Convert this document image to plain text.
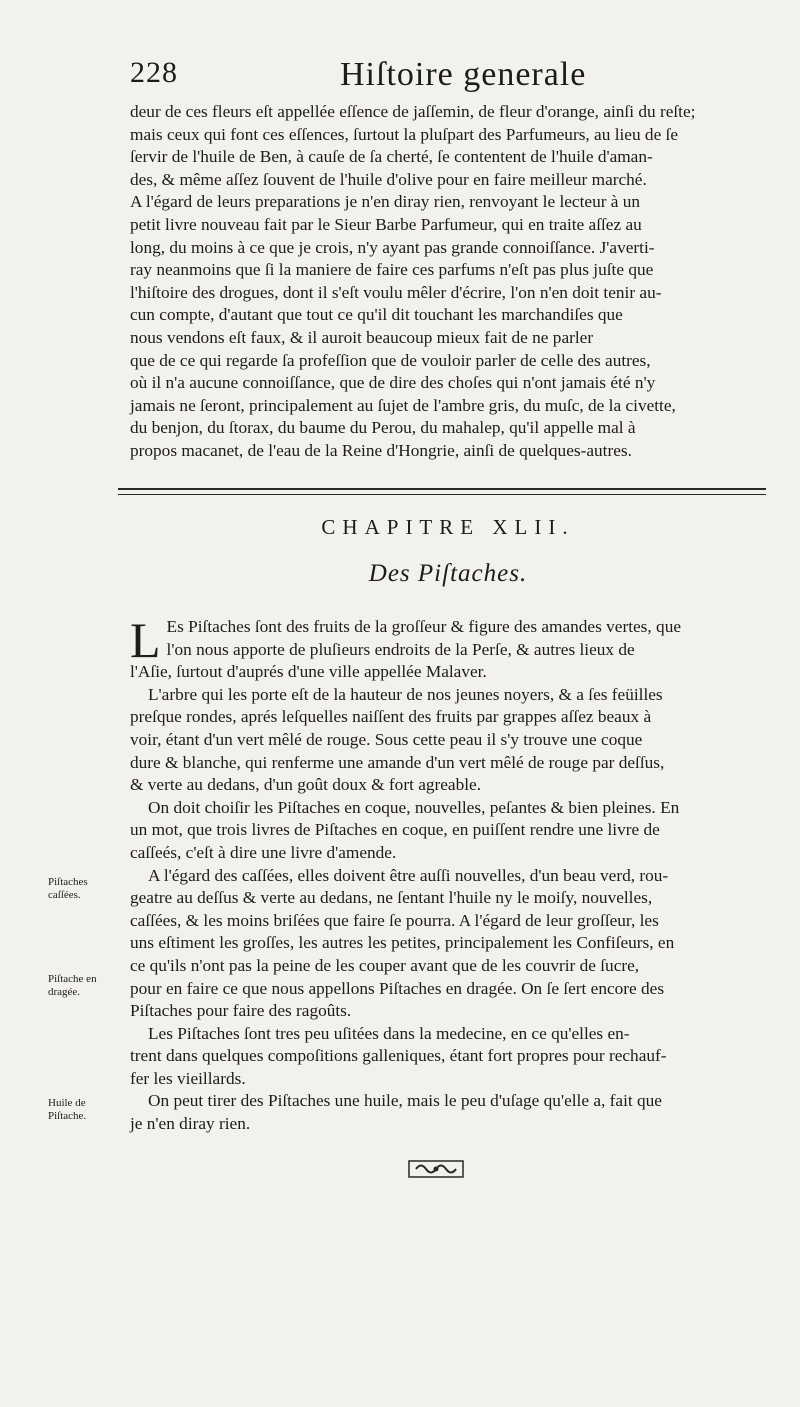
228	Hiſtoire generale
deur de ces fleurs eſt appellée eſſence de jaſſemin, de fleur d'orange, ainſi du reſte;
mais ceux qui font ces eſſences, ſurtout la pluſpart des Parfumeurs, au lieu de ſe
ſervir de l'huile de Ben, à cauſe de ſa cherté, ſe contentent de l'huile d'aman-
des, & même aſſez ſouvent de l'huile d'olive pour en faire meilleur marché.
A l'égard de leurs preparations je n'en diray rien, renvoyant le lecteur à un
petit livre nouveau fait par le Sieur Barbe Parfumeur, qui en traite aſſez au
long, du moins à ce que je crois, n'y ayant pas grande connoiſſance. J'averti-
ray neanmoins que ſi la maniere de faire ces parfums n'eſt pas plus juſte que
l'hiſtoire des drogues, dont il s'eſt voulu mêler d'écrire, l'on n'en doit tenir au-
cun compte, d'autant que tout ce qu'il dit touchant les marchandiſes que
nous vendons eſt faux, & il auroit beaucoup mieux fait de ne parler
que de ce qui regarde ſa profeſſion que de vouloir parler de celle des autres,
où il n'a aucune connoiſſance, que de dire des choſes qui n'ont jamais été n'y
jamais ne ſeront, principalement au ſujet de l'ambre gris, du muſc, de la civette,
du benjon, du ſtorax, du baume du Perou, du mahalep, qu'il appelle mal à
propos macanet, de l'eau de la Reine d'Hongrie, ainſi de quelques-autres.
CHAPITRE XLII.
Des Piſtaches.

L Es Piſtaches ſont des fruits de la groſſeur & figure des amandes vertes, que
l'on nous apporte de pluſieurs endroits de la Perſe, & autres lieux de
l'Aſie, ſurtout d'auprés d'une ville appellée Malaver.

L'arbre qui les porte eſt de la hauteur de nos jeunes noyers, & a ſes feüilles
preſque rondes, aprés leſquelles naiſſent des fruits par grappes aſſez beaux à
voir, étant d'un vert mêlé de rouge. Sous cette peau il s'y trouve une coque
dure & blanche, qui renferme une amande d'un vert mêlé de rouge par deſſus,
& verte au dedans, d'un goût doux & fort agreable.

On doit choiſir les Piſtaches en coque, nouvelles, peſantes & bien pleines. En
un mot, que trois livres de Piſtaches en coque, en puiſſent rendre une livre de
caſſeés, c'eſt à dire une livre d'amende.

A l'égard des caſſées, elles doivent être auſſi nouvelles, d'un beau verd, rou-
geatre au deſſus & verte au dedans, ne ſentant l'huile ny le moiſy, nouvelles,
caſſées, & les moins briſées que faire ſe pourra. A l'égard de leur groſſeur, les
uns eſtiment les groſſes, les autres les petites, principalement les Confiſeurs, en
ce qu'ils n'ont pas la peine de les couper avant que de les couvrir de ſucre,
pour en faire ce que nous appellons Piſtaches en dragée. On ſe ſert encore des
Piſtaches pour faire des ragoûts.

Les Piſtaches ſont tres peu uſitées dans la medecine, en ce qu'elles en-
trent dans quelques compoſitions galleniques, étant fort propres pour rechauf-
fer les vieillards.

On peut tirer des Piſtaches une huile, mais le peu d'uſage qu'elle a, fait que
je n'en diray rien.

Piſtaches
caſſées.
Piſtache en
dragée.
Huile de
Piſtache.
